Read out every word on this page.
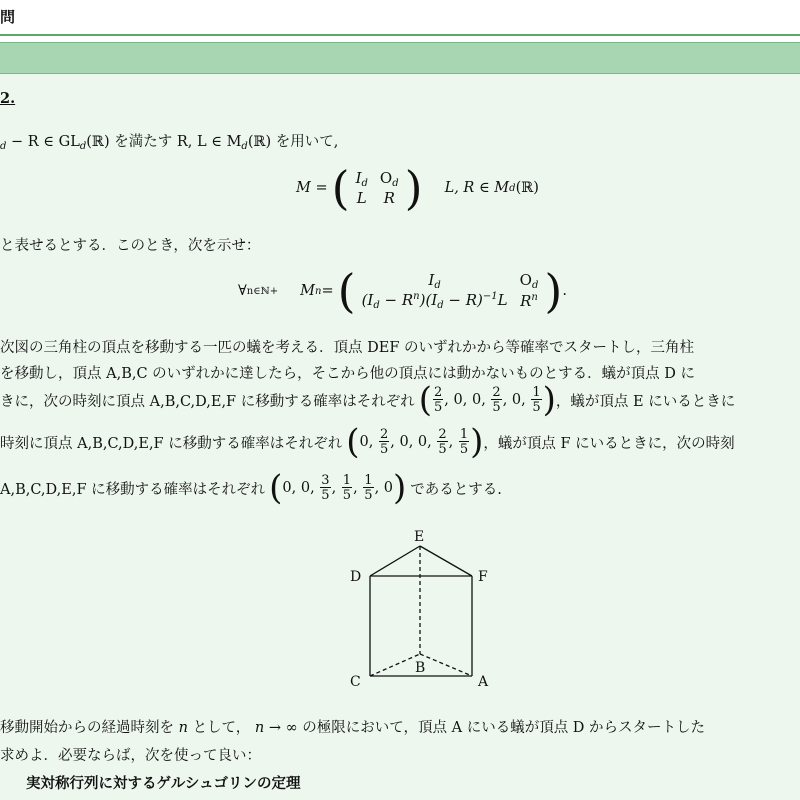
問
2.
$_d$ − R ∈ $GL_d(ℝ)$ を満たす R, L ∈ $M_d(ℝ)$ を用いて,
M = ( $I_d$	$O_d$
L	R ) L, R ∈ M d (ℝ)
と表せるとする．このとき，次を示せ：
∀ n∈ℕ+ M n = (	$I_d$	$O_d$
$(I_d - R^n)(I_d - R)^{-1}L$	$R^n$ ) .
次図の三角柱の頂点を移動する一匹の蟻を考える．頂点 DEF のいずれかから等確率でスタートし，三角柱
を移動し，頂点 A,B,C のいずれかに達したら，そこから他の頂点には動かないものとする．蟻が頂点 D に
きに，次の時刻に頂点 A,B,C,D,E,F に移動する確率はそれぞれ ( $\frac{2}{5}$ , 0, 0, $\frac{2}{5}$ , 0, $\frac{1}{5}$ ) ，蟻が頂点 E にいるときに
時刻に頂点 A,B,C,D,E,F に移動する確率はそれぞれ ( 0, $\frac{2}{5}$ , 0, 0, $\frac{2}{5}$ , $\frac{1}{5}$ ) ，蟻が頂点 F にいるときに，次の時刻
A,B,C,D,E,F に移動する確率はそれぞれ ( 0, 0, $\frac{3}{5}$ , $\frac{1}{5}$ , $\frac{1}{5}$ , 0 ) であるとする.
E
D	F
B
C	A
移動開始からの経過時刻を n として， n → ∞ の極限において，頂点 A にいる蟻が頂点 D からスタートした
求めよ．必要ならば，次を使って良い：
実対称行列に対するゲルシュゴリンの定理
